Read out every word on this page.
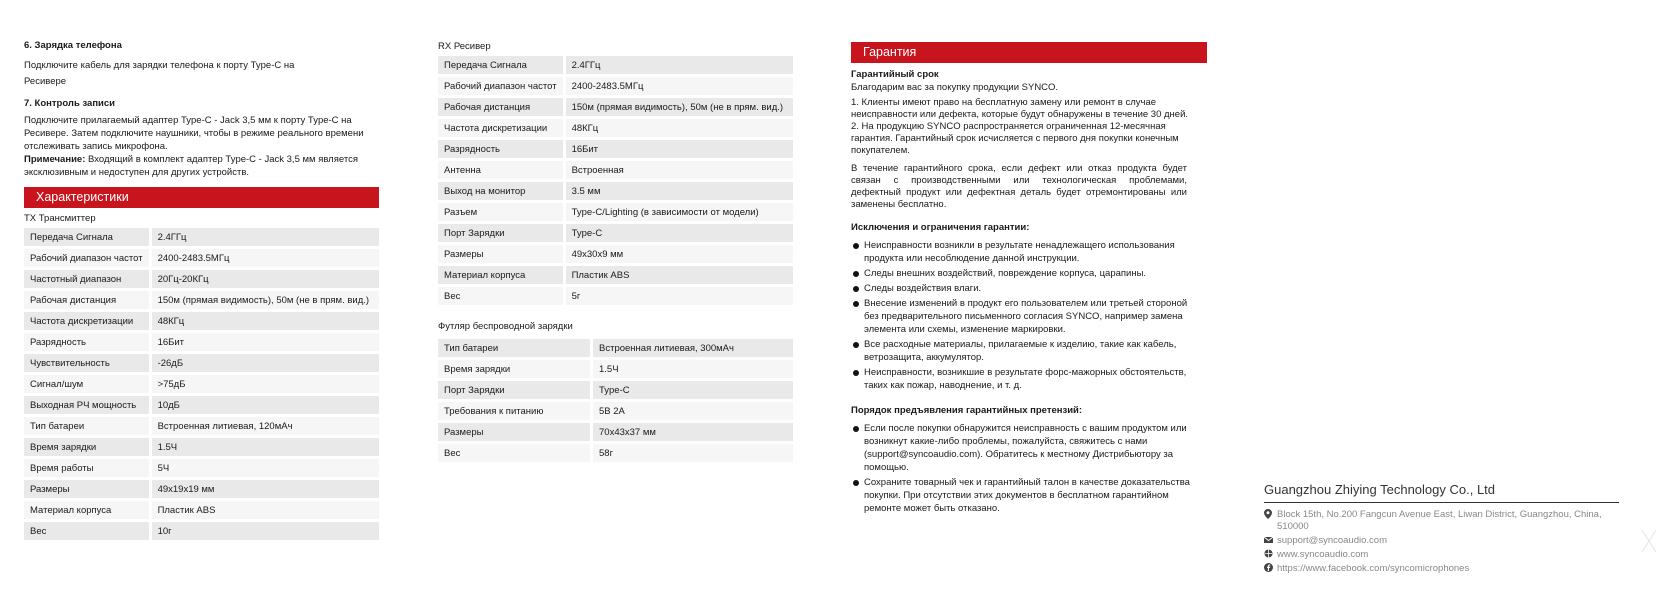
6. Зарядка телефона

Подключите кабель для зарядки телефона к порту Type-C на Ресивере

7. Контроль записи

Подключите прилагаемый адаптер Type-C - Jack 3,5 мм к порту Type-C на Ресивере. Затем подключите наушники, чтобы в режиме реального времени отслеживать запись микрофона.
Примечание: Входящий в комплект адаптер Type-C - Jack 3,5 мм является эксклюзивным и недоступен для других устройств.

Характеристики

TX Трансмиттер

Передача Сигнала	2.4ГГц
Рабочий диапазон частот	2400-2483.5МГц
Частотный диапазон	20Гц-20КГц
Рабочая дистанция	150м (прямая видимость), 50м (не в прям. вид.)
Частота дискретизации	48КГц
Разрядность	16Бит
Чувствительность	-26дБ
Сигнал/шум	>75дБ
Выходная РЧ мощность	10дБ
Тип батареи	Встроенная литиевая, 120мАч
Время зарядки	1.5Ч
Время работы	5Ч
Размеры	49x19x19 мм
Материал корпуса	Пластик ABS
Вес	10г

RX Ресивер

Передача Сигнала	2.4ГГц
Рабочий диапазон частот	2400-2483.5МГц
Рабочая дистанция	150м (прямая видимость), 50м (не в прям. вид.)
Частота дискретизации	48КГц
Разрядность	16Бит
Антенна	Встроенная
Выход на монитор	3.5 мм
Разъем	Type-C/Lighting (в зависимости от модели)
Порт Зарядки	Type-C
Размеры	49x30x9 мм
Материал корпуса	Пластик ABS
Вес	5г

Футляр беспроводной зарядки

Тип батареи	Встроенная литиевая, 300мАч
Время зарядки	1.5Ч
Порт Зарядки	Type-C
Требования к питанию	5В 2А
Размеры	70x43x37 мм
Вес	58г
Гарантия

Гарантийный срок

Благодарим вас за покупку продукции SYNCO.

1. Клиенты имеют право на бесплатную замену или ремонт в случае неисправности или дефекта, которые будут обнаружены в течение 30 дней.

2. На продукцию SYNCO распространяется ограниченная 12-месячная гарантия. Гарантийный срок исчисляется с первого дня покупки конечным покупателем.

В течение гарантийного срока, если дефект или отказ продукта будет связан с производственными или технологическая проблемами, дефектный продукт или дефектная деталь будет отремонтированы или заменены бесплатно.

Исключения и ограничения гарантии:

Неисправности возникли в результате ненадлежащего использования продукта или несоблюдение данной инструкции.
Следы внешних воздействий, повреждение корпуса, царапины.
Следы воздействия влаги.
Внесение изменений в продукт его пользователем или третьей стороной без предварительного письменного согласия SYNCO, например замена элемента или схемы, изменение маркировки.
Все расходные материалы, прилагаемые к изделию, такие как кабель, ветрозащита, аккумулятор.
Неисправности, возникшие в результате форс-мажорных обстоятельств, таких как пожар, наводнение, и т. д.

Порядок предъявления гарантийных претензий:

Если после покупки обнаружится неисправность с вашим продуктом или возникнут какие-либо проблемы, пожалуйста, свяжитесь с нами (support@syncoaudio.com). Обратитесь к местному Дистрибьютору за помощью.
Сохраните товарный чек и гарантийный талон в качестве доказательства покупки. При отсутствии этих документов в бесплатном гарантийном ремонте может быть отказано.
Guangzhou Zhiying Technology Co., Ltd
Block 15th, No.200 Fangcun Avenue East, Liwan District, Guangzhou, China, 510000
support@syncoaudio.com
www.syncoaudio.com
https://www.facebook.com/syncomicrophones
